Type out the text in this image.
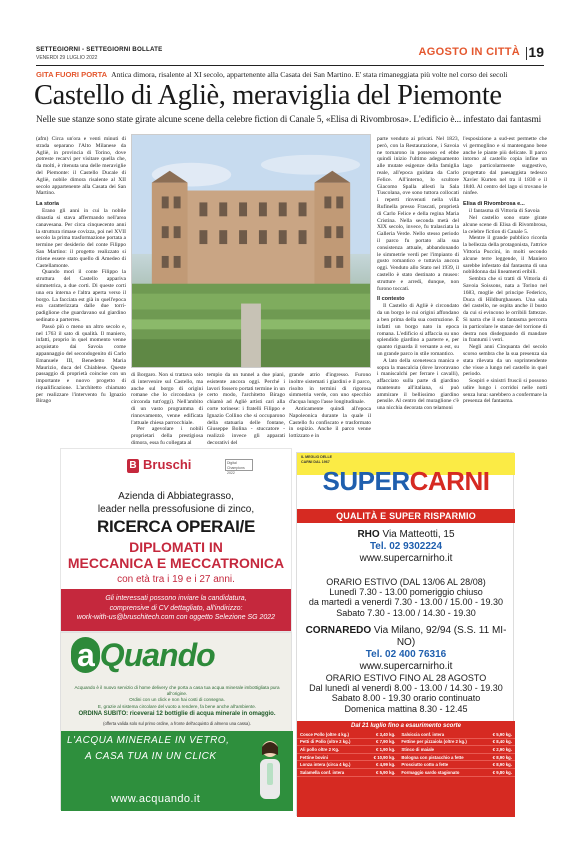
SETTEGIORNI - SETTEGIORNI BOLLATE
VENERDI 29 LUGLIO 2022	AGOSTO IN CITTÀ 19
GITA FUORI PORTA Antica dimora, risalente al XI secolo, appartenente alla Casata dei San Martino. E' stata rimaneggiata più volte nel corso dei secoli
Castello di Agliè, meraviglia del Piemonte
Nelle sue stanze sono state girate alcune scene della celebre fiction di Canale 5, «Elisa di Rivombrosa». L'edificio è... infestato dai fantasmi

(afm) Circa un'ora e venti minuti di strada separano l'Alto Milanese da Agliè, in provincia di Torino, dove potreste recarvi per visitare quella che, da molti, è ritenuta una delle meraviglie del Piemonte: il Castello Ducale di Agliè, nobile dimora risalente al XII secolo appartenente alla Casata dei San Martino.

La storia

Erano gli anni in cui la nobile dinastia si stava affermando nell'area canavesana. Per circa cinquecento anni la struttura rimase covizza, poi nel XVII secolo la prima trasformazione portata a termine per desiderio del conte Filippo San Martino: il progetto realizzato si ritiene essere stato quello di Amedeo di Castellamonte.

Quando morì il conte Filippo la struttura del Castello appariva simmetrica, a due corti. Di queste corti una era interna e l'altra aperta verso il borgo. La facciata est già in quell'epoca era caratterizzata dalle due torri-padiglione che guardavano sul giardino sedinato a parterres.

Passò più o meno un altro secolo e, nel 1763 il sato di qualità. Il maniero, infatti, proprio in quel momento venne acquistato dai Savoia come appannaggio del secondogenito di Carlo Emanuele III, Benedetto Maria Maurizio, duca del Chiablese. Queste passaggio di proprietà coincise con un importante e nuovo progetto di riqualificazione. L'architetto chiamato per realizzare l'intervento fu Ignazio Birago

di Borgaro. Non si trattava solo di intervenire sul Castello, ma anche sul borgo di origini romane che lo circondava (e circonda tutt'oggi). Nell'ambito di un vasto programma di rinnovamento, venne edificata l'attuale chiesa parrocchiale.

Per agevolare i nobili proprietari della prestigiosa dimora, essa fu collegata al

tempio da un tunnel a due piani, esistente ancora oggi. Perché i lavori fossero portati termine in un certo modo, l'architetto Birago chiamò ad Agliè artisti cari alla corte torinese: i fratelli Filippo e Ignazio Collino che si occuparono della statuaria delle fontane, Giuseppe Bolina - stuccatore - realizzò invece gli apparati decorativi del

grande atrio d'ingresso. Furono inoltre sistemati i giardini e il parco, risolto in termini di rigorosa simmetria verde, con uno specchio d'acqua lungo l'asse longitudinale.

Anticamente quindi all'epoca Napoleonica durante la quale il Castello fu confiscato e trasformato in ospizio. Anche il parco venne lottizzato e in

parte venduto ai privati. Nel 1823, però, con la Restaurazione, i Savoia ne tornarono in possesso ed ebbe quindi inizio l'ultimo adeguamento alle mutate esigenze della famiglia reale, all'epoca guidata da Carlo Felice. All'interno, lo scultore Giacomo Spalla allestì la Sala Tuscolana, ove sono tuttora collocati i reperti rinvenuti nella villa Rufinella presso Frascati, proprietà di Carlo Felice e della regina Maria Cristina. Nella seconda metà del XIX secolo, invece, fu tralasciata la Galleria Verde. Nello stesso periodo il parco fu portato alla sua consistenza attuale, abbandonando le simmetrie verdi per l'impianto di gusto romantico e tuttavia ancora oggi. Venduto allo Stato nel 1939, il castello è stato destinato a museo: strutture e arredi, dunque, non furono toccati.

Il contesto

Il Castello di Agliè è circondato da un borgo le cui origini affondano a ben prima della sua costruzione. È infatti un borgo nato in epoca romana. L'edificio si affaccia su uno splendido giardino a parterre e, per quanto riguarda il versante a est, su un grande parco in stile romantico.

A lato della scenetesca manica e sopra la mascalcia (dove lavoravano i maniscalchi per ferrare i cavalli), affacciato sulla parte di giardino mantenuto all'italiana, si può ammirare il bellissimo giardino pensile. Al centro del muraglione c'è una nicchia decorata con telamoni

l'esposizione a sud-est permette che vi germoglino e si mantengano bene anche le piante più delicate. Il parco intorno al castello copia infine un lago particolarmente suggestivo, progettato dal paesaggista tedesco Xavier Kurten nel tra il 1830 e il 1840. Al centro del lago si trovano le ninfee.

Elisa di Rivombrosa e...

il fantasma di Vittoria di Savoia

Nel castello sono state girate alcune scene di Elisa di Rivombrosa, la celebre fiction di Canale 5.

Mentre il grande pubblico ricorda la bellezza della protagonista, l'attrice Vittoria Puccini, in molti secondo alcune terre leggende, il Maniero sarebbe infestato dal fantasma di una nobildonna dai lineamenti eribili.

Sembra che si tratti di Vittoria di Savoia Soissons, nata a Torino nel 1683, moglie del principe Federico, Duca di Hildburghausen. Una sala del castello, ne ospita anche il busto da cui si evincono le orribili fattezze. Si narra che il suo fantasma percorra in particolare le stanze del torrione di destra non disdegnando di mandare in frantumi i vetri.

Negli anni Cinquanta del secolo scorso sembra che la sua presenza sia stata rilevata da un soprintendente che visse a lungo nel castello in quel periodo.

Sospiri e sinistri fruscii si possono udire lungo i corridoi nelle notti senza luna: sarebbero a confermare la presenza del fantasma.

B Bruschi	Digital Champions 2022
Azienda di Abbiategrasso,
leader nella pressofusione di zinco,
RICERCA OPERAI/E
DIPLOMATI IN
MECCANICA E MECCATRONICA
con età tra i 19 e i 27 anni.
Gli interessati possono inviare la candidatura,
comprensive di CV dettagliato, all'indirizzo:
work-with-us@bruschitech.com con oggetto Selezione SG 2022
a Quando
Acquando è il nuovo servizio di home delivery che porta a casa tua acqua minerale imbottigliata pura all'origine.
Ordini con un click e non hai costi di consegna.
E, grazie al sistema circolare del vuoto a rendere, fa bene anche all'ambiente.
ORDINA SUBITO: riceverai 12 bottiglie di acqua minerale in omaggio.
(offerta valida solo sul primo ordine, a fronte dell'acquisto di almeno una cassa).
L'ACQUA MINERALE IN VETRO,
A CASA TUA IN UN CLICK
www.acquando.it
IL MEGLIO DELLE
CARNI DAL 1967
SUPERCARNI
QUALITÀ E SUPER RISPARMIO
RHO Via Matteotti, 15
Tel. 02 9302224
www.supercarnirho.it
ORARIO ESTIVO (DAL 13/06 AL 28/08)
Lunedì 7.30 - 13.00 pomeriggio chiuso
da martedì a venerdì 7.30 - 13.00 / 15.00 - 19.30
Sabato 7.30 - 13.00 / 14.30 - 19.30
CORNAREDO Via Milano, 92/94 (S.S. 11 MI-NO)
Tel. 02 400 76316
www.supercarnirho.it
ORARIO ESTIVO FINO AL 28 AGOSTO
Dal lunedì al venerdì 8.00 - 13.00 / 14.30 - 19.30
Sabato 8.00 - 19.30 orario continuato
Domenica mattina 8.30 - 12.45
Dal 21 luglio fino a esaurimento scorte
Cosce Pollo (oltre 4 kg.)	€ 3,40 kg.	Salsiccia conf. intera	€ 5,90 kg.
Petti di Pollo (oltre 2 kg.)	€ 7,90 kg.	Fettine per pizzaiola (oltre 2 kg.)	€ 8,40 kg.
Ali pollo oltre 2 Kg.	€ 1,90 kg.	Stinco di maiale	€ 2,90 kg.
Fettine bovini	€ 10,90 kg.	Bologna con pistacchio a fette	€ 8,90 kg.
Lonza intera (circa 4 kg.)	€ 4,99 kg.	Prosciutto cotto a fette	€ 8,90 kg.
Salamella conf. intera	€ 5,90 kg.	Formaggio sardo stagionato	€ 9,80 kg.
